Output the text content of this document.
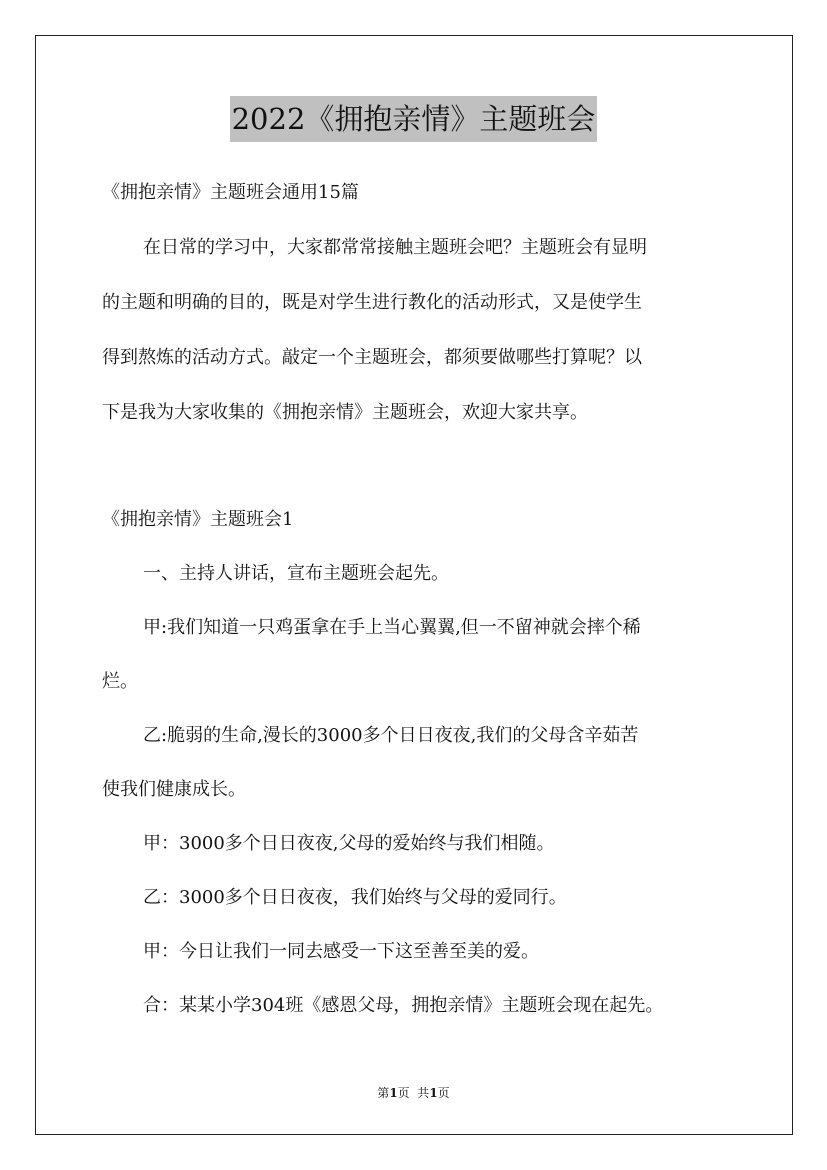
2022《拥抱亲情》主题班会
《拥抱亲情》主题班会通用15篇
在日常的学习中，大家都常常接触主题班会吧？主题班会有显明
的主题和明确的目的，既是对学生进行教化的活动形式，又是使学生
得到熬炼的活动方式。敲定一个主题班会，都须要做哪些打算呢？以
下是我为大家收集的《拥抱亲情》主题班会，欢迎大家共享。
《拥抱亲情》主题班会1
一、主持人讲话，宣布主题班会起先。
甲:我们知道一只鸡蛋拿在手上当心翼翼,但一不留神就会摔个稀
烂。
乙:脆弱的生命,漫长的3000多个日日夜夜,我们的父母含辛茹苦
使我们健康成长。
甲：3000多个日日夜夜,父母的爱始终与我们相随。
乙：3000多个日日夜夜，我们始终与父母的爱同行。
甲：今日让我们一同去感受一下这至善至美的爱。
合：某某小学304班《感恩父母，拥抱亲情》主题班会现在起先。
第1页  共1页
